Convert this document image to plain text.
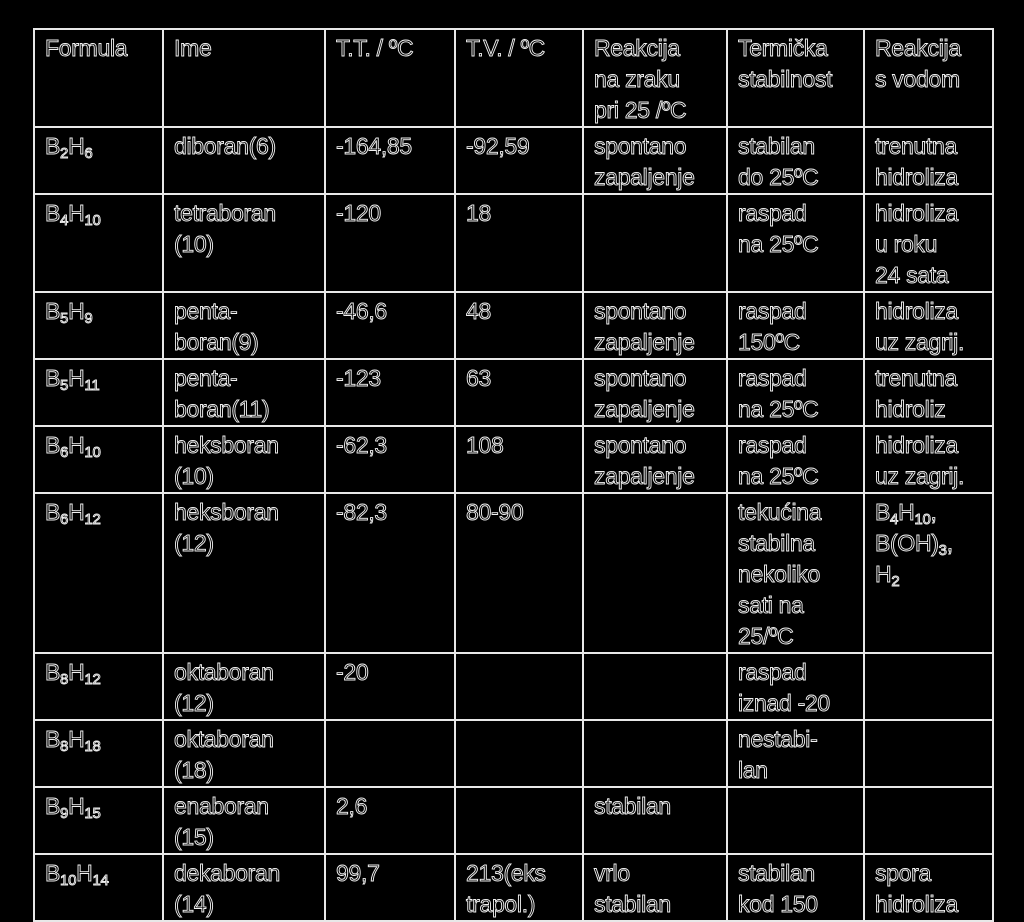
Formula	Ime	T.T. / ºC	T.V. / ºC	Reakcija
na zraku
pri 25 /ºC	Termička
stabilnost	Reakcija
s vodom

$B_2H_6$	diboran(6)	-164,85	-92,59	spontano
zapaljenje	stabilan
do 25ºC	trenutna
hidroliza

$B_4H_{10}$	tetraboran
(10)	-120	18		raspad
na 25ºC	hidroliza
u roku
24 sata

$B_5H_9$	penta-
boran(9)	-46,6	48	spontano
zapaljenje	raspad
150ºC	hidroliza
uz zagrij.

$B_5H_{11}$	penta-
boran(11)	-123	63	spontano
zapaljenje	raspad
na 25ºC	trenutna
hidroliz

$B_6H_{10}$	heksboran
(10)	-62,3	108	spontano
zapaljenje	raspad
na 25ºC	hidroliza
uz zagrij.

$B_6H_{12}$	heksboran
(12)	-82,3	80-90		tekućina
stabilna
nekoliko
sati na
25/ºC	$B_4H_{10}$,
$B(OH)_3$,
$H_2$

$B_8H_{12}$	oktaboran
(12)	-20			raspad
iznad -20	

$B_8H_{18}$	oktaboran
(18)				nestabi-
lan	

$B_9H_{15}$	enaboran
(15)	2,6		stabilan		

$B_{10}H_{14}$	dekaboran
(14)	99,7	213(eks
trapol.)	vrlo
stabilan	stabilan
kod 150	spora
hidroliza
